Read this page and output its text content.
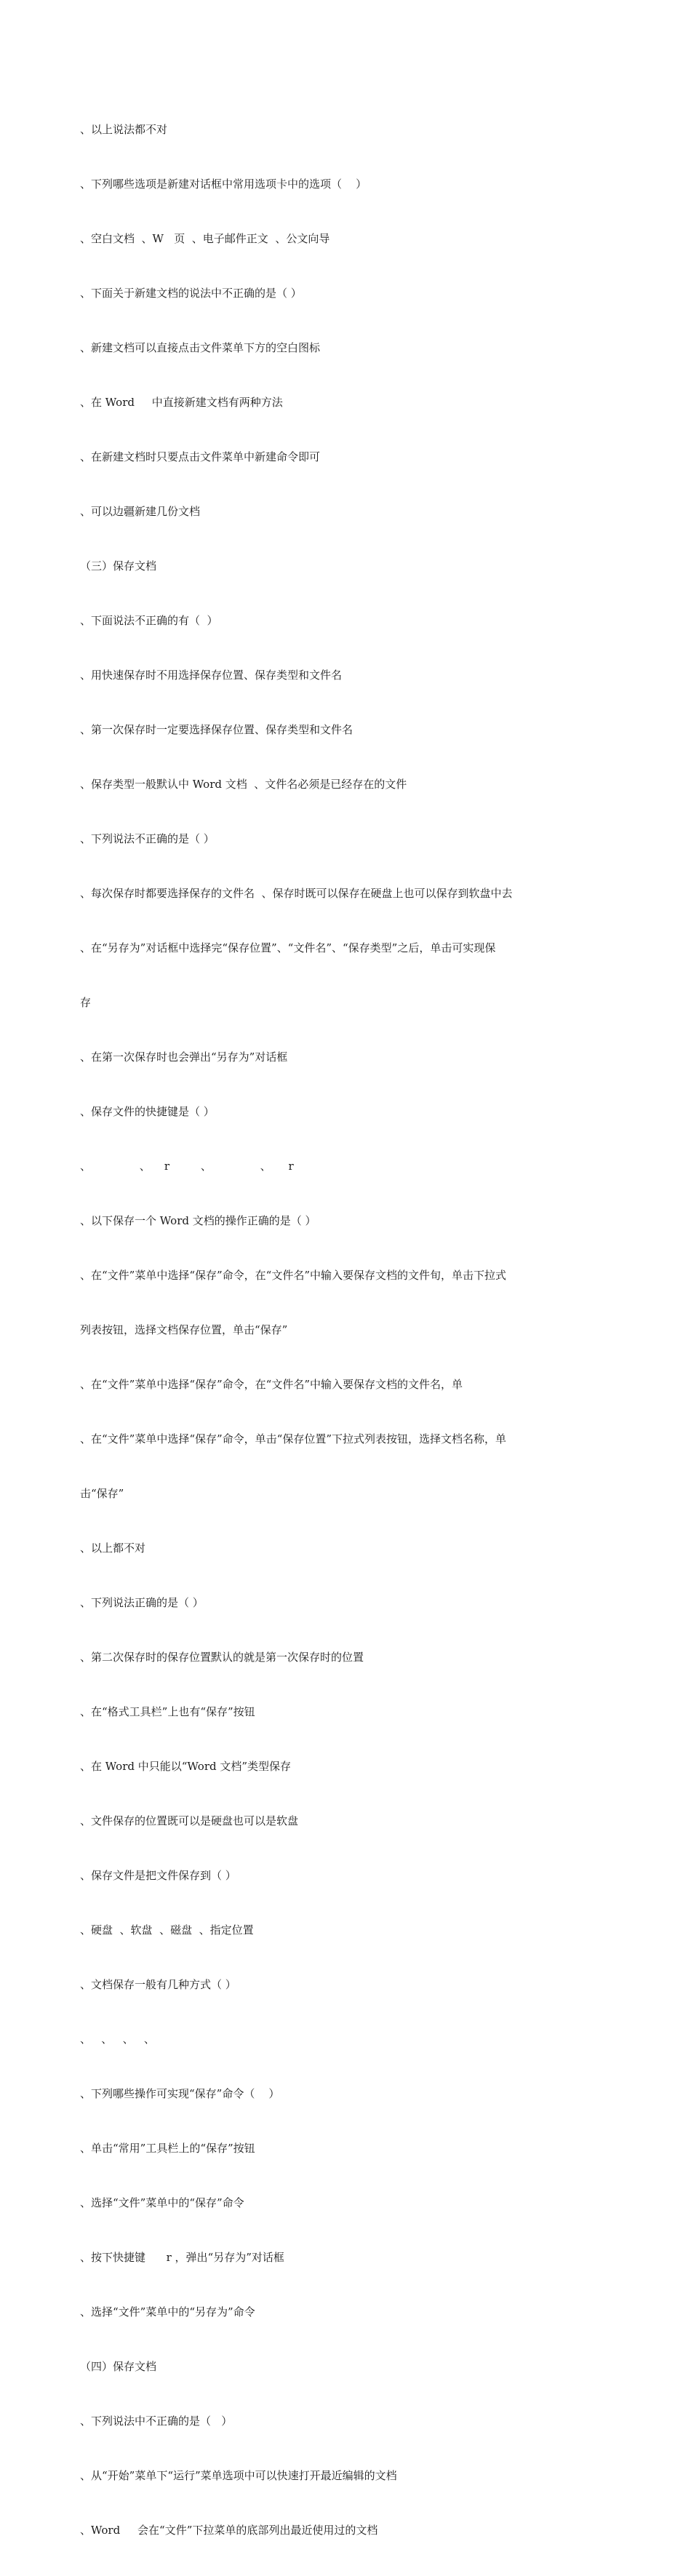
、以上说法都不对

、下列哪些选项是新建对话框中常用选项卡中的选项（    ）

、空白文档  、W   页  、电子邮件正文  、公文向导

、下面关于新建文档的说法中不正确的是（ ）

、新建文档可以直接点击文件菜单下方的空白图标

、在 Word     中直接新建文档有两种方法

、在新建文档时只要点击文件菜单中新建命令即可

、可以边疆新建几份文档

（三）保存文档

、下面说法不正确的有（  ）

、用快速保存时不用选择保存位置、保存类型和文件名

、第一次保存时一定要选择保存位置、保存类型和文件名

、保存类型一般默认中 Word 文档  、文件名必须是已经存在的文件

、下列说法不正确的是（ ）

、每次保存时都要选择保存的文件名  、保存时既可以保存在硬盘上也可以保存到软盘中去

、在“另存为”对话框中选择完“保存位置”、“文件名”、“保存类型”之后，单击可实现保

存

、在第一次保存时也会弹出“另存为”对话框

、保存文件的快捷键是（ ）

、              、    r         、              、     r

、以下保存一个 Word 文档的操作正确的是（ ）

、在“文件”菜单中选择“保存”命令，在“文件名”中输入要保存文档的文件旬，单击下拉式

列表按钮，选择文档保存位置，单击“保存”

、在“文件”菜单中选择“保存”命令，在“文件名”中输入要保存文档的文件名，单

、在“文件”菜单中选择“保存”命令，单击“保存位置”下拉式列表按钮，选择文档名称，单

击“保存”

、以上都不对

、下列说法正确的是（ ）

、第二次保存时的保存位置默认的就是第一次保存时的位置

、在“格式工具栏”上也有“保存”按钮

、在 Word 中只能以“Word 文档”类型保存

、文件保存的位置既可以是硬盘也可以是软盘

、保存文件是把文件保存到（ ）

、硬盘  、软盘  、磁盘  、指定位置

、文档保存一般有几种方式（ ）

、   、   、   、

、下列哪些操作可实现“保存”命令（    ）

、单击“常用”工具栏上的“保存”按钮

、选择“文件”菜单中的“保存”命令

、按下快捷键      r ，弹出“另存为”对话框

、选择“文件”菜单中的“另存为”命令

（四）保存文档

、下列说法中不正确的是（   ）

、从“开始”菜单下“运行”菜单选项中可以快速打开最近编辑的文档

、Word     会在“文件”下拉菜单的底部列出最近使用过的文档
